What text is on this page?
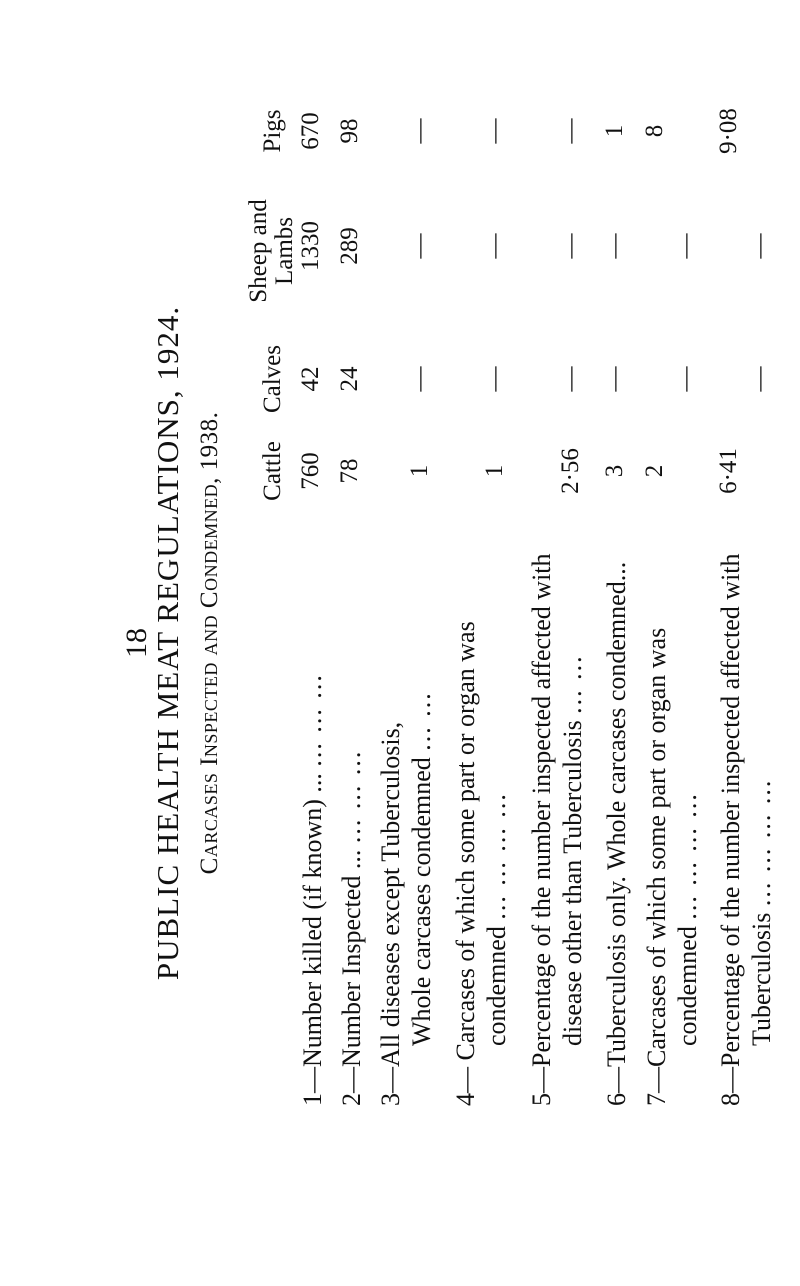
18
PUBLIC HEALTH MEAT REGULATIONS, 1924. Carcases Inspected and Condemned, 1938. Cattle
Calves
Sheep and Lambs
Pigs
1—Number killed (if known) ... ... ... ...
760
42
1330
670
2—Number Inspected ... ... ... ...
78
24
289
98
3—All diseases except Tuberculosis, Whole carcases condemned ... ...
1
—
—
—
4— Carcases of which some part or organ was condemned ... ... ... ...
1
—
—
—
5—Percentage of the number inspected affected with disease other than Tuberculosis ... ...
2·56
—
—
—
6—Tuberculosis only. Whole carcases condemned...
3
—
—
1
7—Carcases of which some part or organ was condemned ... ... ... ...
2
—
—
8
8—Percentage of the number inspected affected with Tuberculosis ... ... ... ...
6·41
—
—
9·08
